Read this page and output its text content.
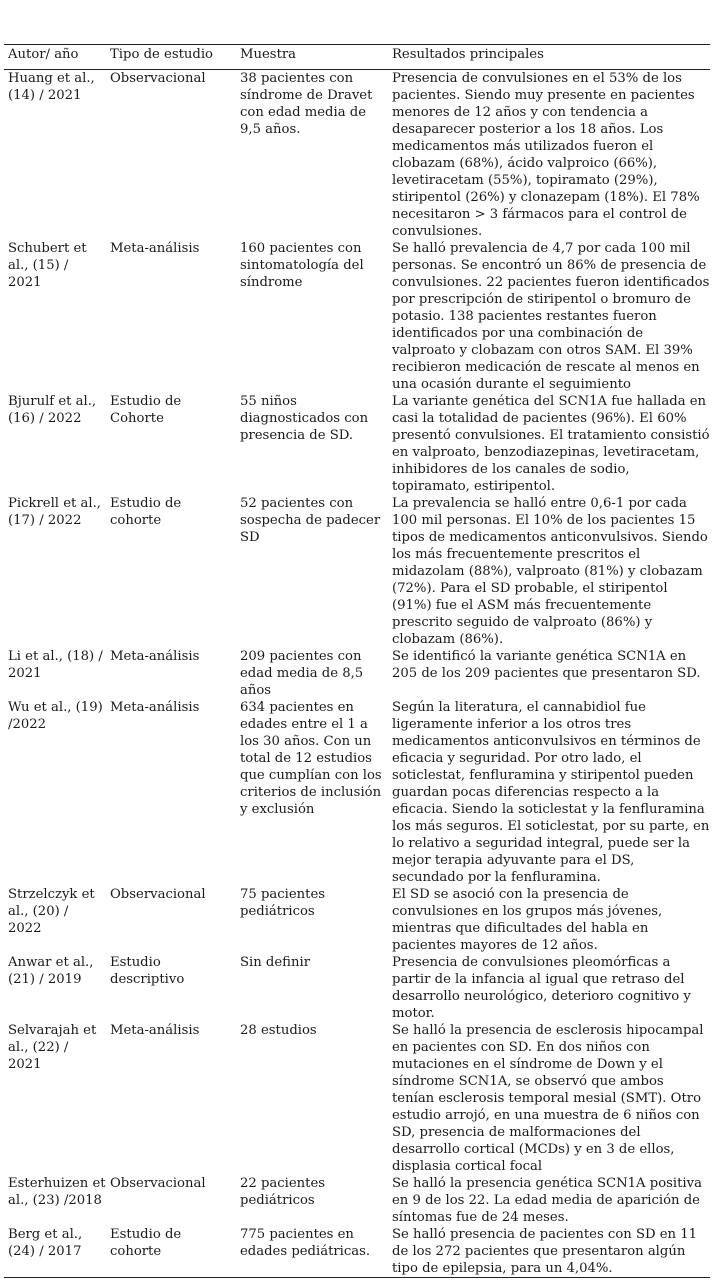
Autor/ año	Tipo de estudio	Muestra	Resultados principales
Huang et al., (14) / 2021	Observacional	38 pacientes con síndrome de Dravet con edad media de 9,5 años.	Presencia de convulsiones en el 53% de los pacientes. Siendo muy presente en pacientes menores de 12 años y con tendencia a desaparecer posterior a los 18 años. Los medicamentos más utilizados fueron el clobazam (68%), ácido valproico (66%), levetiracetam (55%), topiramato (29%), stiripentol (26%) y clonazepam (18%). El 78% necesitaron > 3 fármacos para el control de convulsiones.
Schubert et al., (15) / 2021	Meta-análisis	160 pacientes con sintomatología del síndrome	Se halló prevalencia de 4,7 por cada 100 mil personas. Se encontró un 86% de presencia de convulsiones. 22 pacientes fueron identificados por prescripción de stiripentol o bromuro de potasio. 138 pacientes restantes fueron identificados por una combinación de valproato y clobazam con otros SAM. El 39% recibieron medicación de rescate al menos en una ocasión durante el seguimiento
Bjurulf et al., (16) / 2022	Estudio de Cohorte	55 niños diagnosticados con presencia de SD.	La variante genética del SCN1A fue hallada en casi la totalidad de pacientes (96%). El 60% presentó convulsiones. El tratamiento consistió en valproato, benzodiazepinas, levetiracetam, inhibidores de los canales de sodio, topiramato, estiripentol.
Pickrell et al., (17) / 2022	Estudio de cohorte	52 pacientes con sospecha de padecer SD	La prevalencia se halló entre 0,6-1 por cada 100 mil personas. El 10% de los pacientes 15 tipos de medicamentos anticonvulsivos. Siendo los más frecuentemente prescritos el midazolam (88%), valproato (81%) y clobazam (72%). Para el SD probable, el stiripentol (91%) fue el ASM más frecuentemente prescrito seguido de valproato (86%) y clobazam (86%).
Li et al., (18) / 2021	Meta-análisis	209 pacientes con edad media de 8,5 años	Se identificó la variante genética SCN1A en 205 de los 209 pacientes que presentaron SD.
Wu et al., (19) /2022	Meta-análisis	634 pacientes en edades entre el 1 a los 30 años. Con un total de 12 estudios que cumplían con los criterios de inclusión y exclusión	Según la literatura, el cannabidiol fue ligeramente inferior a los otros tres medicamentos anticonvulsivos en términos de eficacia y seguridad. Por otro lado, el soticlestat, fenfluramina y stiripentol pueden guardan pocas diferencias respecto a la eficacia. Siendo la soticlestat y la fenfluramina los más seguros. El soticlestat, por su parte, en lo relativo a seguridad integral, puede ser la mejor terapia adyuvante para el DS, secundado por la fenfluramina.
Strzelczyk et al., (20) / 2022	Observacional	75 pacientes pediátricos	El SD se asoció con la presencia de convulsiones en los grupos más jóvenes, mientras que dificultades del habla en pacientes mayores de 12 años.
Anwar et al., (21) / 2019	Estudio descriptivo	Sin definir	Presencia de convulsiones pleomórficas a partir de la infancia al igual que retraso del desarrollo neurológico, deterioro cognitivo y motor.
Selvarajah et al., (22) / 2021	Meta-análisis	28 estudios	Se halló la presencia de esclerosis hipocampal en pacientes con SD. En dos niños con mutaciones en el síndrome de Down y el síndrome SCN1A, se observó que ambos tenían esclerosis temporal mesial (SMT). Otro estudio arrojó, en una muestra de 6 niños con SD, presencia de malformaciones del desarrollo cortical (MCDs) y en 3 de ellos, displasia cortical focal
Esterhuizen et al., (23) /2018	Observacional	22 pacientes pediátricos	Se halló la presencia genética SCN1A positiva en 9 de los 22. La edad media de aparición de síntomas fue de 24 meses.
Berg et al., (24) / 2017	Estudio de cohorte	775 pacientes en edades pediátricas.	Se halló presencia de pacientes con SD en 11 de los 272 pacientes que presentaron algún tipo de epilepsia, para un 4,04%.
